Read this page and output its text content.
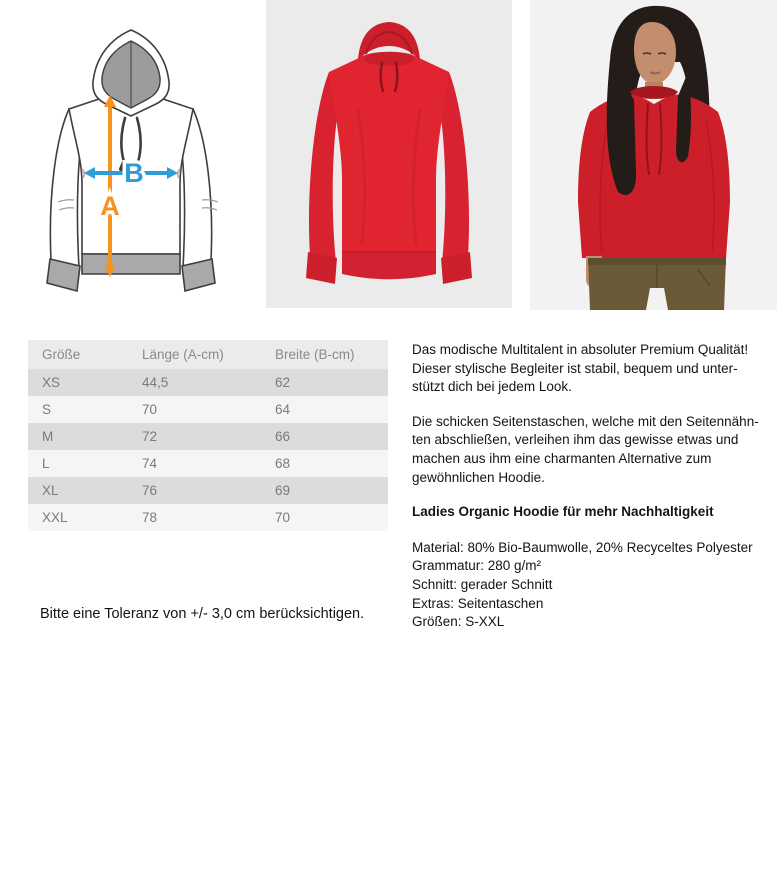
A
B
Größe	Länge (A-cm)	Breite (B-cm)
XS	44,5	62
S	70	64
M	72	66
L	74	68
XL	76	69
XXL	78	70
Das modische Multitalent in absoluter Premium Qualität!
Dieser stylische Begleiter ist stabil, bequem und unter-
stützt dich bei jedem Look.
Die schicken Seitenstaschen, welche mit den Seitennähn-
ten abschließen, verleihen ihm das gewisse etwas und
machen aus ihm eine charmanten Alternative zum
gewöhnlichen Hoodie.
Ladies Organic Hoodie für mehr Nachhaltigkeit
Material: 80% Bio-Baumwolle, 20% Recyceltes Polyester
Grammatur: 280 g/m²
Schnitt: gerader Schnitt
Extras: Seitentaschen
Größen: S-XXL
Bitte eine Toleranz von +/- 3,0 cm berücksichtigen.
